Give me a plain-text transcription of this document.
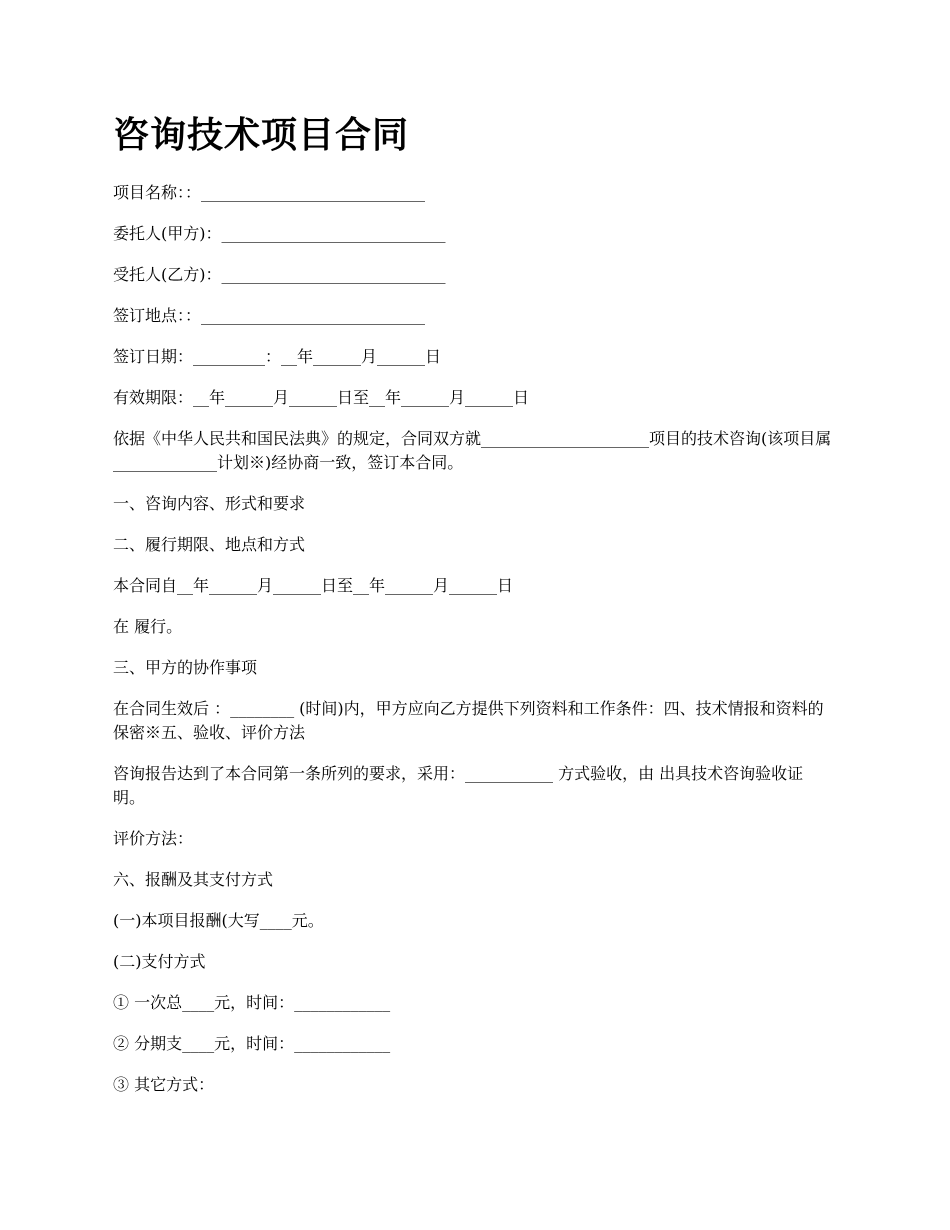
咨询技术项目合同
项目名称：：____________________________
委托人(甲方)：____________________________
受托人(乙方)：____________________________
签订地点：：____________________________
签订日期：_________：__年______月______日
有效期限：__年______月______日至__年______月______日
依据《中华人民共和国民法典》的规定，合同双方就_____________________项目的技术咨询(该项目属_____________计划※)经协商一致，签订本合同。
一、咨询内容、形式和要求
二、履行期限、地点和方式
本合同自__年______月______日至__年______月______日
在 履行。
三、甲方的协作事项
在合同生效后 ：________ (时间)内，甲方应向乙方提供下列资料和工作条件：四、技术情报和资料的保密※五、验收、评价方法
咨询报告达到了本合同第一条所列的要求，采用：___________ 方式验收，由 出具技术咨询验收证明。
评价方法：
六、报酬及其支付方式
(一)本项目报酬(大写____元。
(二)支付方式
① 一次总____元，时间：____________
② 分期支____元，时间：____________
③ 其它方式：
